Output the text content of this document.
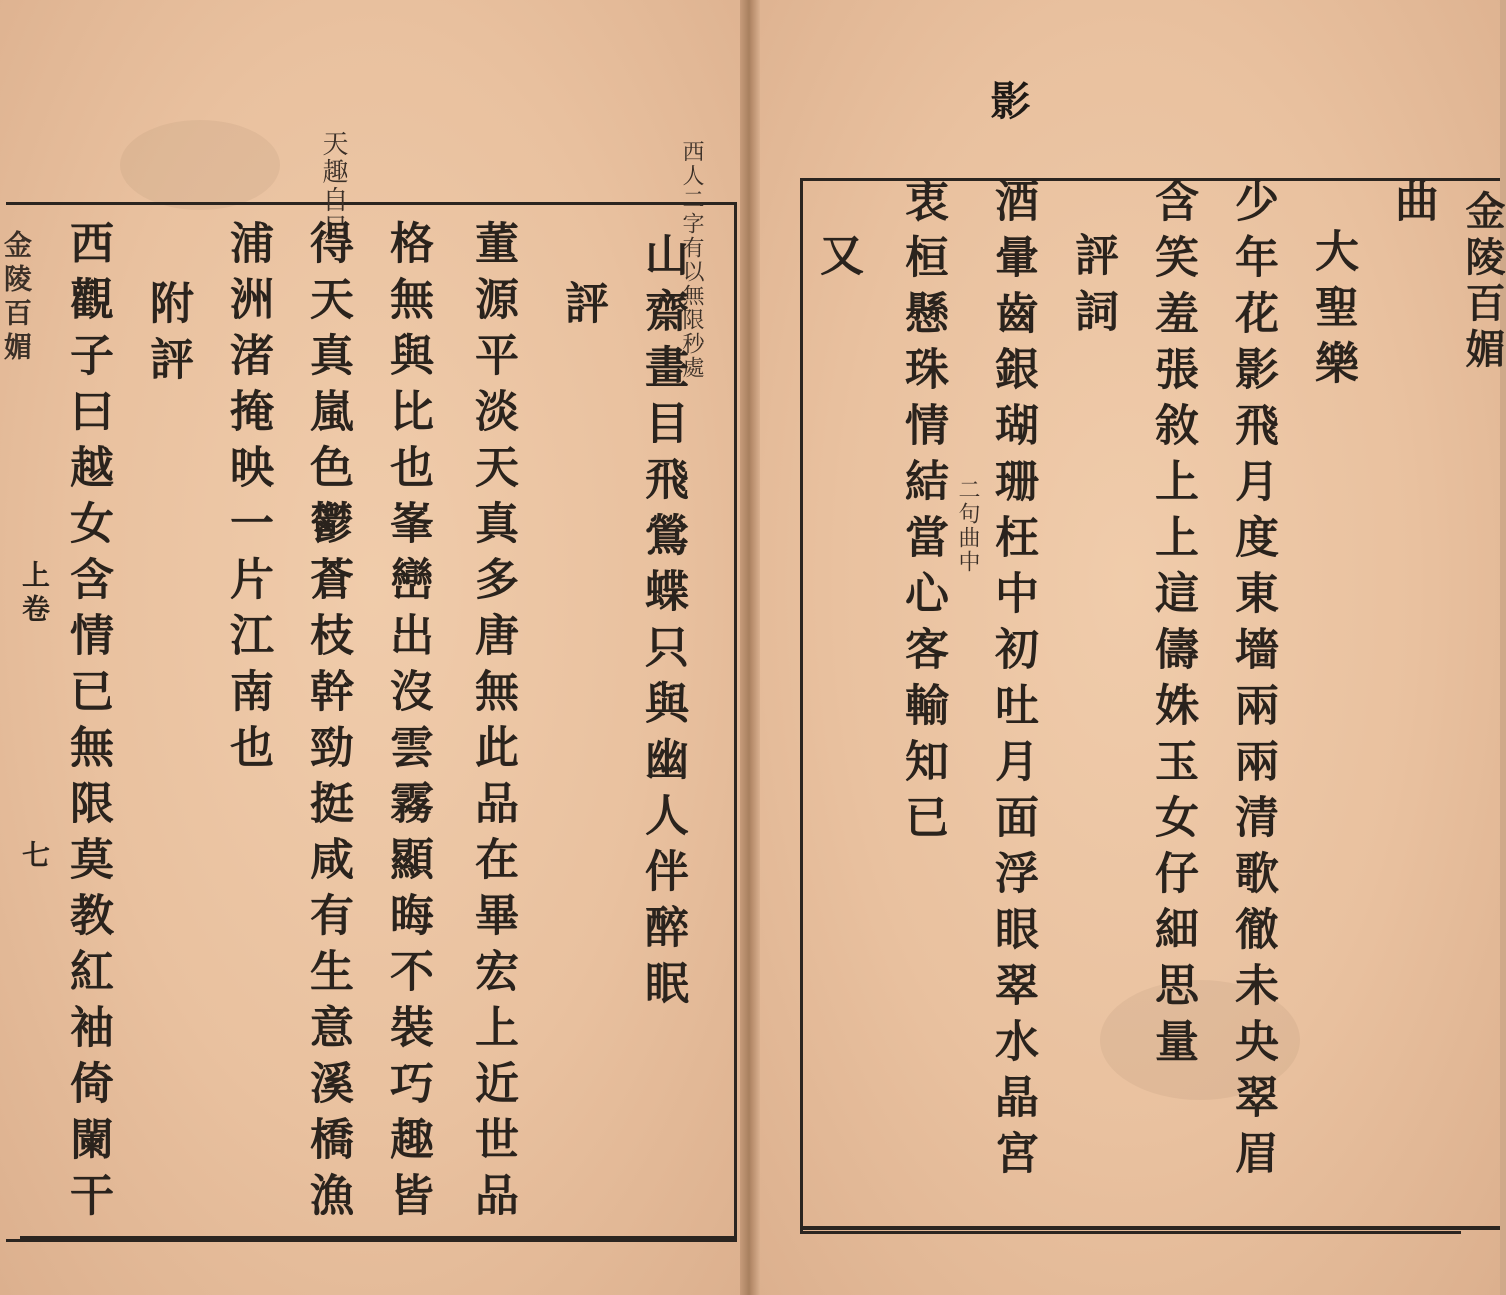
西人二字有以無限秒處
天趣自足
山齋畫目飛鶯蝶只與幽人伴醉眠
評
董源平淡天真多唐無此品在畢宏上近世品
格無與比也峯巒出沒雲霧顯晦不裝巧趣皆
得天真嵐色鬱蒼枝幹勁挺咸有生意溪橋漁
浦洲渚掩映一片江南也
附評
西觀子曰越女含情已無限莫教紅袖倚闌干
金陵百媚
上卷
七
影
金陵百媚
曲
大聖樂
少年花影飛月度東墻兩兩清歌徹未央翠眉
含笑羞張敘上上這儔姝玉女仔細思量
評詞
酒暈齒銀瑚珊枉中初吐月面浮眼翠水晶宮
衷桓懸珠情結當心客輸知已 二句曲中
又
